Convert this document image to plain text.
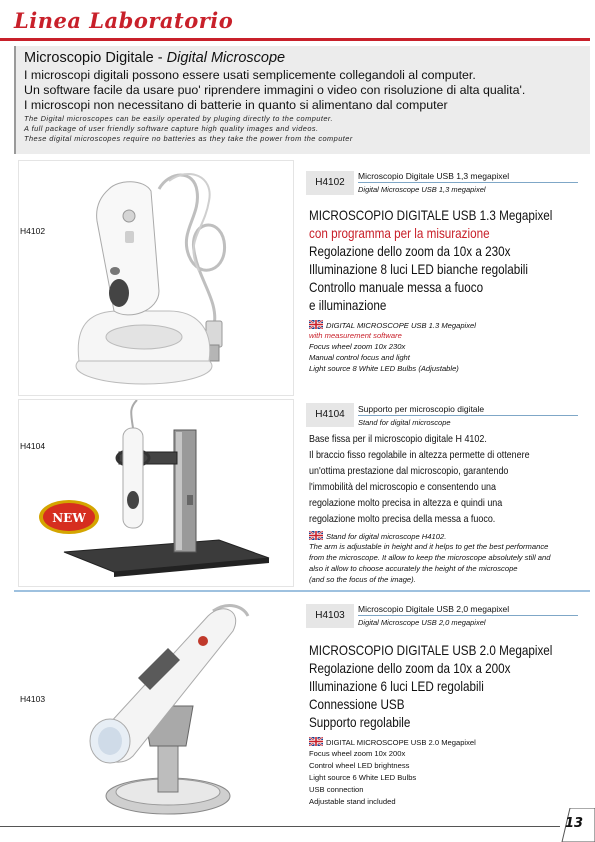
Linea Laboratorio
Microscopio Digitale - Digital Microscope
I microscopi digitali possono essere usati semplicemente collegandoli al computer.
Un software facile da usare puo' riprendere immagini o video con risoluzione di alta qualita'.
I microscopi non necessitano di batterie in quanto si alimentano dal computer
The Digital microscopes can be easily operated by pluging directly to the computer.
A full package of user friendly software capture high quality images and videos.
These digital microscopes require no batteries as they take the power from the computer
H4102
H4102
Microscopio Digitale USB 1,3 megapixel
Digital Microscope USB 1,3 megapixel
MICROSCOPIO DIGITALE USB 1.3 Megapixel
con programma per la misurazione
Regolazione dello zoom da 10x a 230x
Illuminazione 8 luci LED bianche regolabili
Controllo manuale messa a fuoco
e illuminazione
DIGITAL MICROSCOPE USB 1.3 Megapixel
with measurement software
Focus wheel zoom 10x 230x
Manual control focus and light
Light source 8 White LED Bulbs (Adjustable)
NEW
H4104
H4104	Supporto per microscopio digitale
Stand for digital microscope
Base fissa per il microscopio digitale H 4102.
Il braccio fisso regolabile in altezza permette di ottenere
un'ottima prestazione dal microscopio, garantendo
l'immobilità del microscopio e consentendo una
regolazione molto precisa in altezza e quindi una
regolazione molto precisa della messa a fuoco.
Stand for digital microscope H4102.
The arm is adjustable in height and it helps to get the best performance
from the microscope. It allow to keep the microscope absolutely still and
also it allow to choose accurately the height of the microscope
(and so the focus of the image).
H4103
H4103
Microscopio Digitale USB 2,0 megapixel
Digital Microscope USB 2,0 megapixel
MICROSCOPIO DIGITALE USB 2.0 Megapixel
Regolazione dello zoom da 10x a 200x
Illuminazione 6 luci LED regolabili
Connessione USB
Supporto regolabile
DIGITAL MICROSCOPE USB 2.0 Megapixel
Focus wheel zoom 10x 200x
Control wheel LED brightness
Light source 6 White LED Bulbs
USB connection
Adjustable stand included
13
